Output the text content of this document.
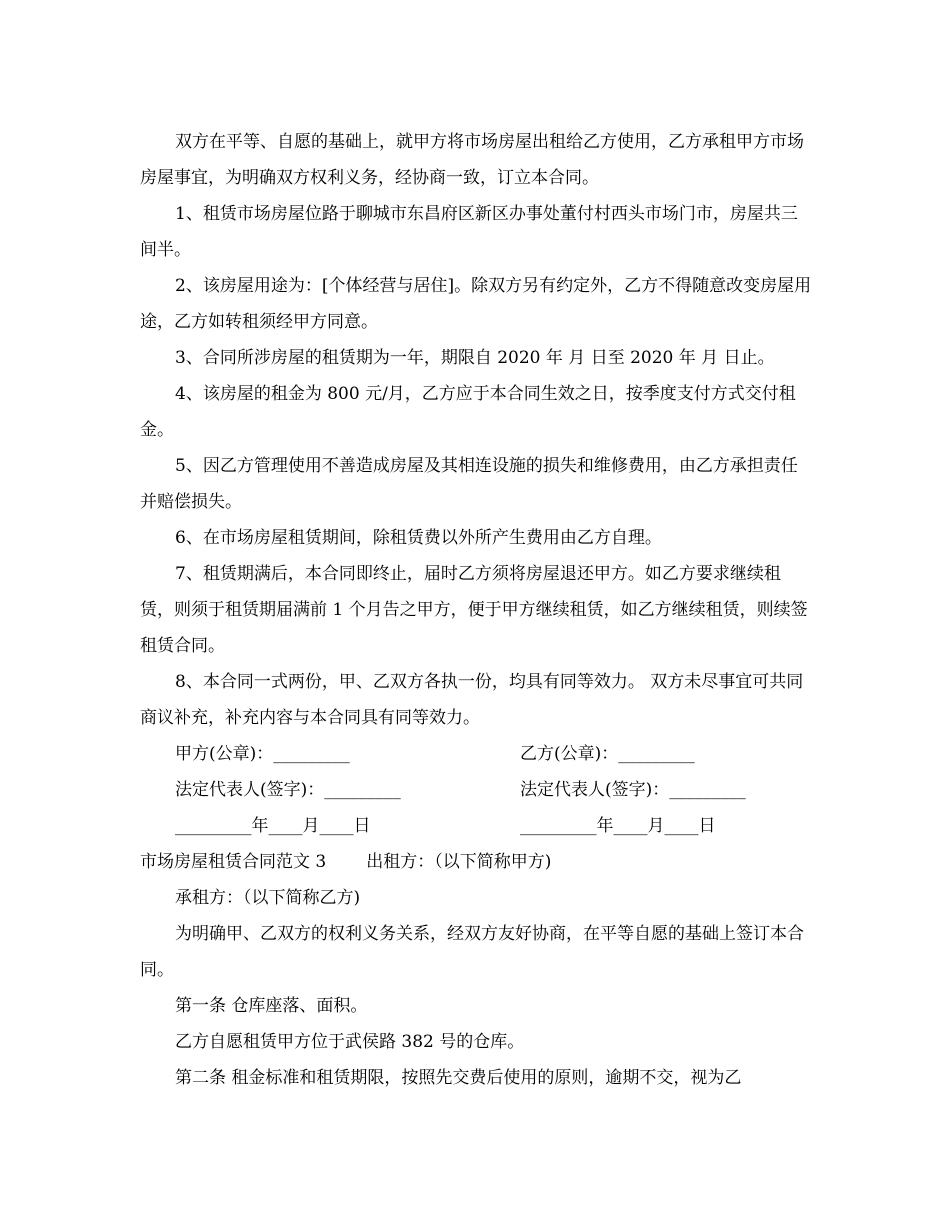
双方在平等、自愿的基础上，就甲方将市场房屋出租给乙方使用，乙方承租甲方市场房屋事宜，为明确双方权利义务，经协商一致，订立本合同。

1、租赁市场房屋位路于聊城市东昌府区新区办事处董付村西头市场门市，房屋共三间半。

2、该房屋用途为：[个体经营与居住]。除双方另有约定外，乙方不得随意改变房屋用途，乙方如转租须经甲方同意。

3、合同所涉房屋的租赁期为一年，期限自 2020 年 月 日至 2020 年 月 日止。

4、该房屋的租金为 800 元/月，乙方应于本合同生效之日，按季度支付方式交付租金。

5、因乙方管理使用不善造成房屋及其相连设施的损失和维修费用，由乙方承担责任并赔偿损失。

6、在市场房屋租赁期间，除租赁费以外所产生费用由乙方自理。

7、租赁期满后，本合同即终止，届时乙方须将房屋退还甲方。如乙方要求继续租赁，则须于租赁期届满前 1 个月告之甲方，便于甲方继续租赁，如乙方继续租赁，则续签租赁合同。

8、本合同一式两份，甲、乙双方各执一份，均具有同等效力。 双方未尽事宜可共同商议补充，补充内容与本合同具有同等效力。

甲方(公章)：_________	乙方(公章)：_________
法定代表人(签字)：_________	法定代表人(签字)：_________
_________年____月____日	_________年____月____日

市场房屋租赁合同范文 3 出租方：（以下简称甲方)

承租方：（以下简称乙方)

为明确甲、乙双方的权利义务关系，经双方友好协商，在平等自愿的基础上签订本合同。

第一条 仓库座落、面积。

乙方自愿租赁甲方位于武侯路 382 号的仓库。

第二条 租金标准和租赁期限，按照先交费后使用的原则，逾期不交，视为乙
